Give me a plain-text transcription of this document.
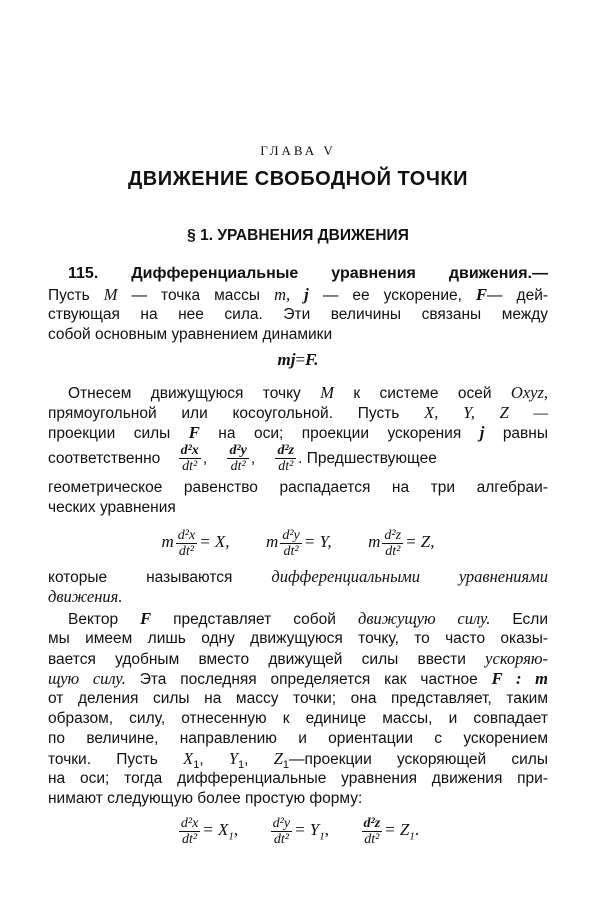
ГЛАВА V
ДВИЖЕНИЕ СВОБОДНОЙ ТОЧКИ
§ 1. УРАВНЕНИЯ ДВИЖЕНИЯ
115. Дифференциальные уравнения движения.—
Пусть M — точка массы m, j — ее ускорение, F— дей-
ствующая на нее сила. Эти величины связаны между
собой основным уравнением динамики
mj=F.
Отнесем движущуюся точку M к системе осей Oxyz,
прямоугольной или косоугольной. Пусть X, Y, Z —
проекции силы F на оси; проекции ускорения j равны
соответственно $\frac{\text{d²x}}{\text{dt²}}$ , $\frac{\text{d²y}}{\text{dt²}}$ , $\frac{\text{d²z}}{\text{dt²}}$ . Предшествующее
геометрическое равенство распадается на три алгебраи-
ческих уравнения
m $\frac{\text{d²x}}{\text{dt²}} = X$, m $\frac{\text{d²y}}{\text{dt²}} = Y$, m $\frac{\text{d²z}}{\text{dt²}} = Z$,
которые называются дифференциальными уравнениями
движения.
Вектор F представляет собой движущую силу. Если
мы имеем лишь одну движущуюся точку, то часто оказы-
вается удобным вместо движущей силы ввести ускоряю-
щую силу. Эта последняя определяется как частное F : m
от деления силы на массу точки; она представляет, таким
образом, силу, отнесенную к единице массы, и совпадает
по величине, направлению и ориентации с ускорением
точки. Пусть $X_1$, $Y_1$, $Z_1—проекции$ ускоряющей силы
на оси; тогда дифференциальные уравнения движения при-
нимают следующую более простую форму:
$\frac{\text{d²x}}{\text{dt²}} = X_1$, $\frac{\text{d²y}}{\text{dt²}} = Y_1$, $\frac{\text{d²z}}{\text{dt²}} = Z_1$.
